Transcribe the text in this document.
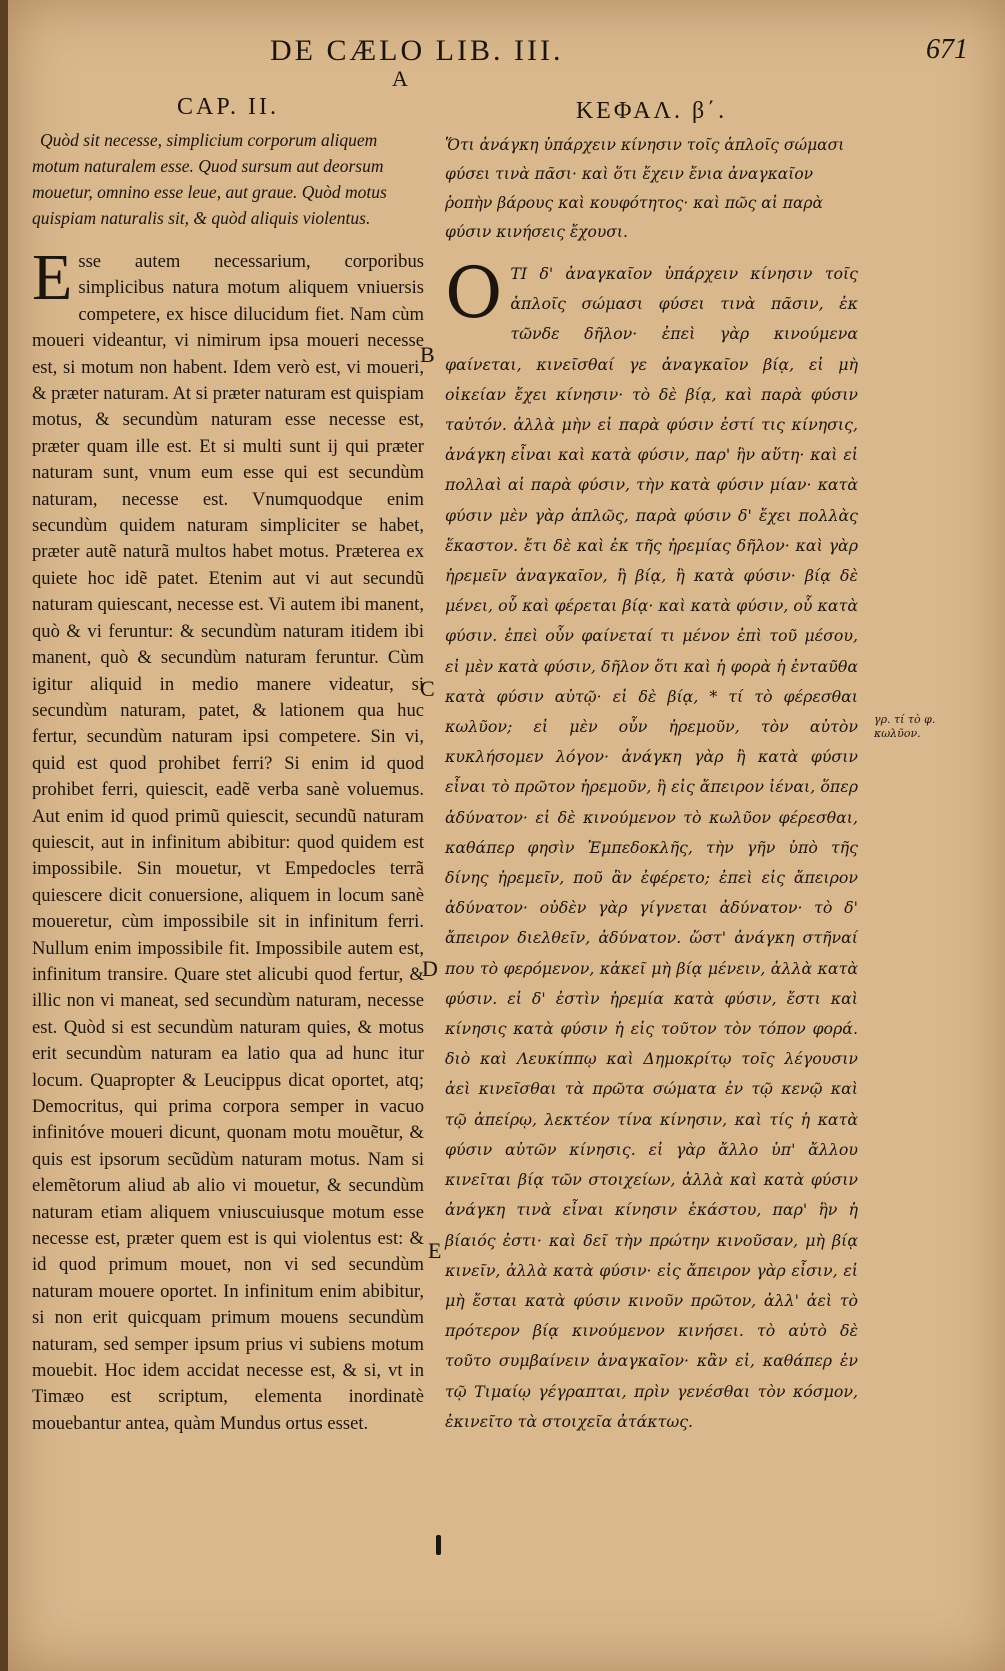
DE CÆLO LIB. III.	671
A
B
C
D
E
CAP. II.

Quòd sit necesse, simplicium corporum aliquem motum naturalem esse. Quod sursum aut deorsum mouetur, omnino esse leue, aut graue. Quòd motus quispiam naturalis sit, & quòd aliquis violentus.

Esse autem necessarium, corporibus simplicibus natura motum aliquem vniuersis competere, ex hisce dilucidum fiet. Nam cùm moueri videantur, vi nimirum ipsa moueri necesse est, si motum non habent. Idem verò est, vi moueri, & præter naturam. At si præter naturam est quispiam motus, & secundùm naturam esse necesse est, præter quam ille est. Et si multi sunt ij qui præter naturam sunt, vnum eum esse qui est secundùm naturam, necesse est. Vnumquodque enim secundùm quidem naturam simpliciter se habet, præter autẽ naturã multos habet motus. Præterea ex quiete hoc idẽ patet. Etenim aut vi aut secundũ naturam quiescant, necesse est. Vi autem ibi manent, quò & vi feruntur: & secundùm naturam itidem ibi manent, quò & secundùm naturam feruntur. Cùm igitur aliquid in medio manere videatur, si secundùm naturam, patet, & lationem qua huc fertur, secundùm naturam ipsi competere. Sin vi, quid est quod prohibet ferri? Si enim id quod prohibet ferri, quiescit, eadẽ verba sanè voluemus. Aut enim id quod primũ quiescit, secundũ naturam quiescit, aut in infinitum abibitur: quod quidem est impossibile. Sin mouetur, vt Empedocles terrã quiescere dicit conuersione, aliquem in locum sanè moueretur, cùm impossibile sit in infinitum ferri. Nullum enim impossibile fit. Impossibile autem est, infinitum transire. Quare stet alicubi quod fertur, & illic non vi maneat, sed secundùm naturam, necesse est. Quòd si est secundùm naturam quies, & motus erit secundùm naturam ea latio qua ad hunc itur locum. Quapropter & Leucippus dicat oportet, atq; Democritus, qui prima corpora semper in vacuo infinitóve moueri dicunt, quonam motu mouẽtur, & quis est ipsorum secũdùm naturam motus. Nam si elemẽtorum aliud ab alio vi mouetur, & secundùm naturam etiam aliquem vniuscuiusque motum esse necesse est, præter quem est is qui violentus est: & id quod primum mouet, non vi sed secundùm naturam mouere oportet. In infinitum enim abibitur, si non erit quicquam primum mouens secundùm naturam, sed semper ipsum prius vi subiens motum mouebit. Hoc idem accidat necesse est, & si, vt in Timæo est scriptum, elementa inordinatè mouebantur antea, quàm Mundus ortus esset.

ΚΕΦΑΛ. β΄.

Ὅτι ἀνάγκη ὑπάρχειν κίνησιν τοῖς ἁπλοῖς σώμασι φύσει τινὰ πᾶσι· καὶ ὅτι ἔχειν ἔνια ἀναγκαῖον ῥοπὴν βάρους καὶ κουφότητος· καὶ πῶς αἱ παρὰ φύσιν κινήσεις ἔχουσι.

ΟΤΙ δ' ἀναγκαῖον ὑπάρχειν κίνησιν τοῖς ἁπλοῖς σώμασι φύσει τινὰ πᾶσιν, ἐκ τῶνδε δῆλον· ἐπεὶ γὰρ κινούμενα φαίνεται, κινεῖσθαί γε ἀναγκαῖον βίᾳ, εἰ μὴ οἰκείαν ἔχει κίνησιν· τὸ δὲ βίᾳ, καὶ παρὰ φύσιν ταὐτόν. ἀλλὰ μὴν εἰ παρὰ φύσιν ἐστί τις κίνησις, ἀνάγκη εἶναι καὶ κατὰ φύσιν, παρ' ἣν αὕτη· καὶ εἰ πολλαὶ αἱ παρὰ φύσιν, τὴν κατὰ φύσιν μίαν· κατὰ φύσιν μὲν γὰρ ἁπλῶς, παρὰ φύσιν δ' ἔχει πολλὰς ἕκαστον. ἔτι δὲ καὶ ἐκ τῆς ἠρεμίας δῆλον· καὶ γὰρ ἠρεμεῖν ἀναγκαῖον, ἢ βίᾳ, ἢ κατὰ φύσιν· βίᾳ δὲ μένει, οὗ καὶ φέρεται βίᾳ· καὶ κατὰ φύσιν, οὗ κατὰ φύσιν. ἐπεὶ οὖν φαίνεταί τι μένον ἐπὶ τοῦ μέσου, εἰ μὲν κατὰ φύσιν, δῆλον ὅτι καὶ ἡ φορὰ ἡ ἐνταῦθα κατὰ φύσιν αὐτῷ· εἰ δὲ βίᾳ, * τί τὸ φέρεσθαι κωλῦον; εἰ μὲν οὖν ἠρεμοῦν, τὸν αὐτὸν κυκλήσομεν λόγον· ἀνάγκη γὰρ ἢ κατὰ φύσιν εἶναι τὸ πρῶτον ἠρεμοῦν, ἢ εἰς ἄπειρον ἰέναι, ὅπερ ἀδύνατον· εἰ δὲ κινούμενον τὸ κωλῦον φέρεσθαι, καθάπερ φησὶν Ἐμπεδοκλῆς, τὴν γῆν ὑπὸ τῆς δίνης ἠρεμεῖν, ποῦ ἂν ἐφέρετο; ἐπεὶ εἰς ἄπειρον ἀδύνατον· οὐδὲν γὰρ γίγνεται ἀδύνατον· τὸ δ' ἄπειρον διελθεῖν, ἀδύνατον. ὥστ' ἀνάγκη στῆναί που τὸ φερόμενον, κἀκεῖ μὴ βίᾳ μένειν, ἀλλὰ κατὰ φύσιν. εἰ δ' ἐστὶν ἠρεμία κατὰ φύσιν, ἔστι καὶ κίνησις κατὰ φύσιν ἡ εἰς τοῦτον τὸν τόπον φορά. διὸ καὶ Λευκίππῳ καὶ Δημοκρίτῳ τοῖς λέγουσιν ἀεὶ κινεῖσθαι τὰ πρῶτα σώματα ἐν τῷ κενῷ καὶ τῷ ἀπείρῳ, λεκτέον τίνα κίνησιν, καὶ τίς ἡ κατὰ φύσιν αὐτῶν κίνησις. εἰ γὰρ ἄλλο ὑπ' ἄλλου κινεῖται βίᾳ τῶν στοιχείων, ἀλλὰ καὶ κατὰ φύσιν ἀνάγκη τινὰ εἶναι κίνησιν ἑκάστου, παρ' ἣν ἡ βίαιός ἐστι· καὶ δεῖ τὴν πρώτην κινοῦσαν, μὴ βίᾳ κινεῖν, ἀλλὰ κατὰ φύσιν· εἰς ἄπειρον γὰρ εἶσιν, εἰ μὴ ἔσται κατὰ φύσιν κινοῦν πρῶτον, ἀλλ' ἀεὶ τὸ πρότερον βίᾳ κινούμενον κινήσει. τὸ αὐτὸ δὲ τοῦτο συμβαίνειν ἀναγκαῖον· κἂν εἰ, καθάπερ ἐν τῷ Τιμαίῳ γέγραπται, πρὶν γενέσθαι τὸν κόσμον, ἐκινεῖτο τὰ στοιχεῖα ἀτάκτως.

γρ. τί τὸ φ. κωλῦον.
